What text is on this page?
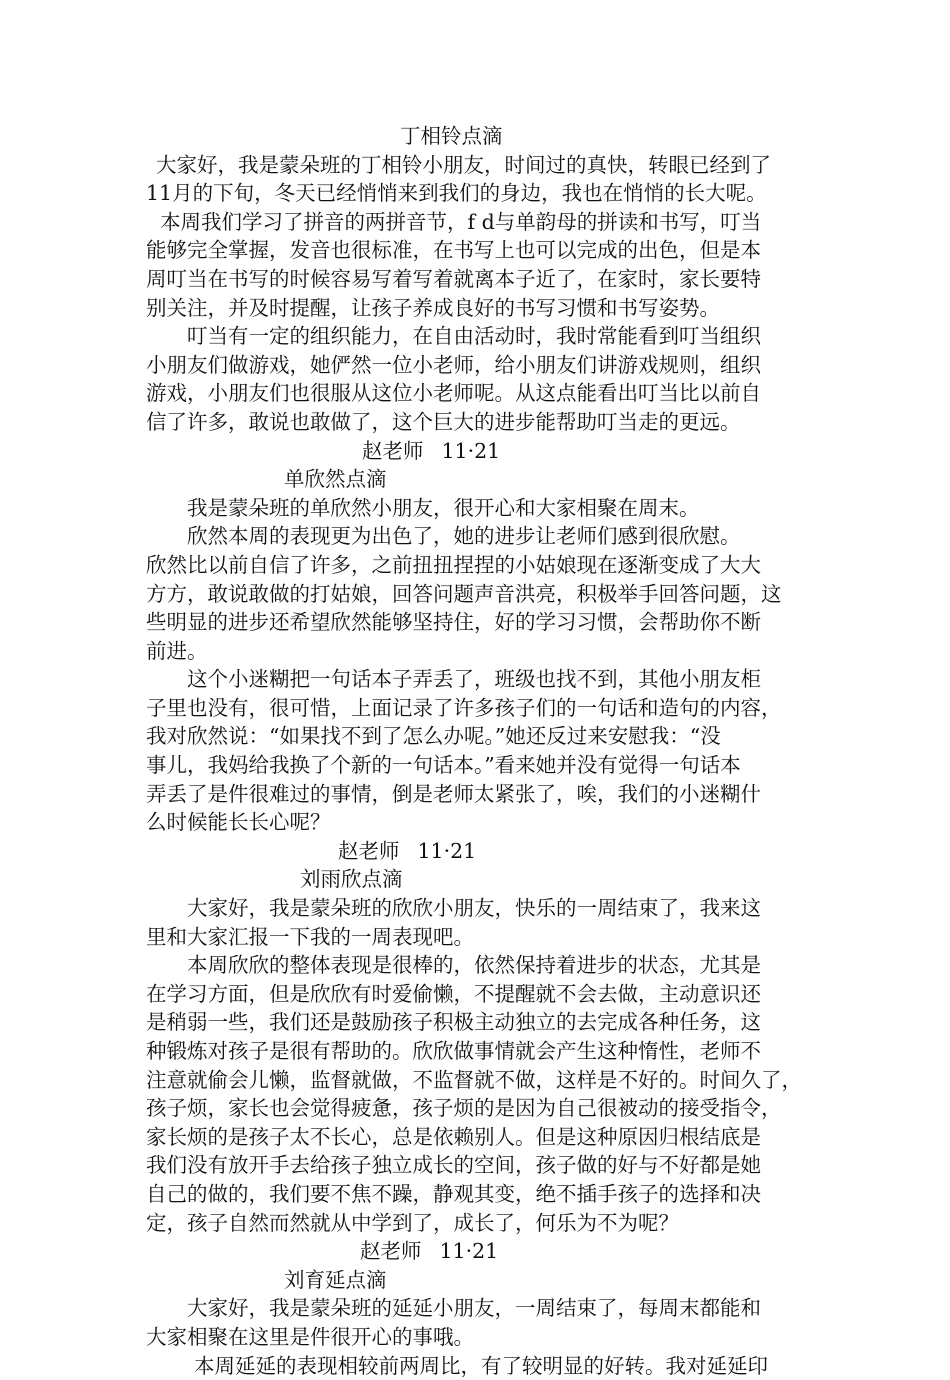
丁相铃点滴
大家好，我是蒙朵班的丁相铃小朋友，时间过的真快，转眼已经到了
11月的下旬，冬天已经悄悄来到我们的身边，我也在悄悄的长大呢。
本周我们学习了拼音的两拼音节，f d与单韵母的拼读和书写，叮当
能够完全掌握，发音也很标准，在书写上也可以完成的出色，但是本
周叮当在书写的时候容易写着写着就离本子近了，在家时，家长要特
别关注，并及时提醒，让孩子养成良好的书写习惯和书写姿势。
叮当有一定的组织能力，在自由活动时，我时常能看到叮当组织
小朋友们做游戏，她俨然一位小老师，给小朋友们讲游戏规则，组织
游戏，小朋友们也很服从这位小老师呢。从这点能看出叮当比以前自
信了许多，敢说也敢做了，这个巨大的进步能帮助叮当走的更远。
赵老师 11·21
单欣然点滴
我是蒙朵班的单欣然小朋友，很开心和大家相聚在周末。
欣然本周的表现更为出色了，她的进步让老师们感到很欣慰。
欣然比以前自信了许多，之前扭扭捏捏的小姑娘现在逐渐变成了大大
方方，敢说敢做的打姑娘，回答问题声音洪亮，积极举手回答问题，这
些明显的进步还希望欣然能够坚持住，好的学习习惯，会帮助你不断
前进。
这个小迷糊把一句话本子弄丢了，班级也找不到，其他小朋友柜
子里也没有，很可惜，上面记录了许多孩子们的一句话和造句的内容，
我对欣然说：“如果找不到了怎么办呢。”她还反过来安慰我：“没
事儿，我妈给我换了个新的一句话本。”看来她并没有觉得一句话本
弄丢了是件很难过的事情，倒是老师太紧张了，唉，我们的小迷糊什
么时候能长长心呢？
赵老师 11·21
刘雨欣点滴
大家好，我是蒙朵班的欣欣小朋友，快乐的一周结束了，我来这
里和大家汇报一下我的一周表现吧。
本周欣欣的整体表现是很棒的，依然保持着进步的状态，尤其是
在学习方面，但是欣欣有时爱偷懒，不提醒就不会去做，主动意识还
是稍弱一些，我们还是鼓励孩子积极主动独立的去完成各种任务，这
种锻炼对孩子是很有帮助的。欣欣做事情就会产生这种惰性，老师不
注意就偷会儿懒，监督就做，不监督就不做，这样是不好的。时间久了，
孩子烦，家长也会觉得疲惫，孩子烦的是因为自己很被动的接受指令，
家长烦的是孩子太不长心，总是依赖别人。但是这种原因归根结底是
我们没有放开手去给孩子独立成长的空间，孩子做的好与不好都是她
自己的做的，我们要不焦不躁，静观其变，绝不插手孩子的选择和决
定，孩子自然而然就从中学到了，成长了，何乐为不为呢？
赵老师 11·21
刘育延点滴
大家好，我是蒙朵班的延延小朋友，一周结束了，每周末都能和
大家相聚在这里是件很开心的事哦。
本周延延的表现相较前两周比，有了较明显的好转。我对延延印
